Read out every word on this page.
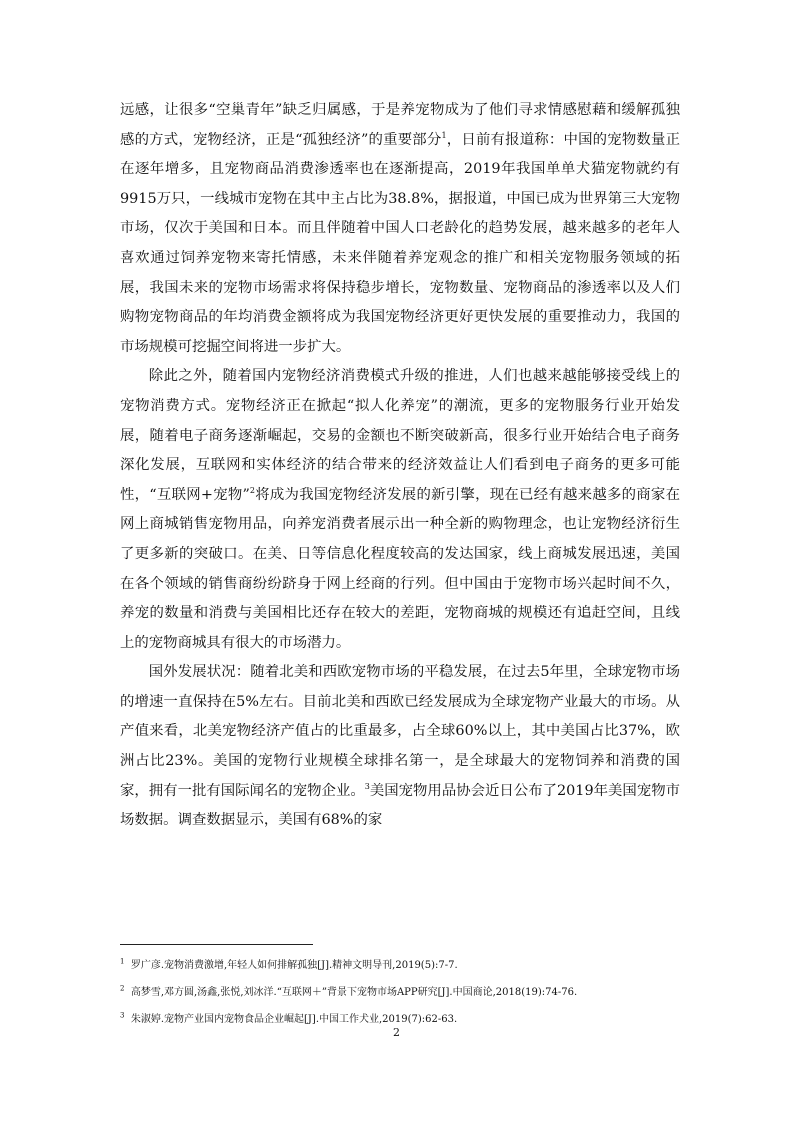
远感，让很多“空巢青年”缺乏归属感，于是养宠物成为了他们寻求情感慰藉和缓解孤独感的方式，宠物经济，正是“孤独经济”的重要部分$^1$，日前有报道称：中国的宠物数量正在逐年增多，且宠物商品消费渗透率也在逐渐提高，2019年我国单单犬猫宠物就约有9915万只，一线城市宠物在其中主占比为38.8%，据报道，中国已成为世界第三大宠物市场，仅次于美国和日本。而且伴随着中国人口老龄化的趋势发展，越来越多的老年人喜欢通过饲养宠物来寄托情感，未来伴随着养宠观念的推广和相关宠物服务领域的拓展，我国未来的宠物市场需求将保持稳步增长，宠物数量、宠物商品的渗透率以及人们购物宠物商品的年均消费金额将成为我国宠物经济更好更快发展的重要推动力，我国的市场规模可挖掘空间将进一步扩大。

除此之外，随着国内宠物经济消费模式升级的推进，人们也越来越能够接受线上的宠物消费方式。宠物经济正在掀起“拟人化养宠”的潮流，更多的宠物服务行业开始发展，随着电子商务逐渐崛起，交易的金额也不断突破新高，很多行业开始结合电子商务深化发展，互联网和实体经济的结合带来的经济效益让人们看到电子商务的更多可能性，“互联网+宠物”$^2$将成为我国宠物经济发展的新引擎，现在已经有越来越多的商家在网上商城销售宠物用品，向养宠消费者展示出一种全新的购物理念，也让宠物经济衍生了更多新的突破口。在美、日等信息化程度较高的发达国家，线上商城发展迅速，美国在各个领域的销售商纷纷跻身于网上经商的行列。但中国由于宠物市场兴起时间不久，养宠的数量和消费与美国相比还存在较大的差距，宠物商城的规模还有追赶空间，且线上的宠物商城具有很大的市场潜力。

国外发展状况：随着北美和西欧宠物市场的平稳发展，在过去5年里，全球宠物市场的增速一直保持在5%左右。目前北美和西欧已经发展成为全球宠物产业最大的市场。从产值来看，北美宠物经济产值占的比重最多，占全球60%以上，其中美国占比37%，欧洲占比23%。美国的宠物行业规模全球排名第一，是全球最大的宠物饲养和消费的国家，拥有一批有国际闻名的宠物企业。$^3$美国宠物用品协会近日公布了2019年美国宠物市场数据。调查数据显示，美国有68%的家

$^1$ 罗广彦.宠物消费激增,年轻人如何排解孤独[J].精神文明导刊,2019(5):7-7.

$^2$ 高梦雪,邓方圆,汤鑫,张悦,刘冰洋.“互联网＋”背景下宠物市场APP研究[J].中国商论,2018(19):74-76.

$^3$ 朱淑婷.宠物产业国内宠物食品企业崛起[J].中国工作犬业,2019(7):62-63.

2
